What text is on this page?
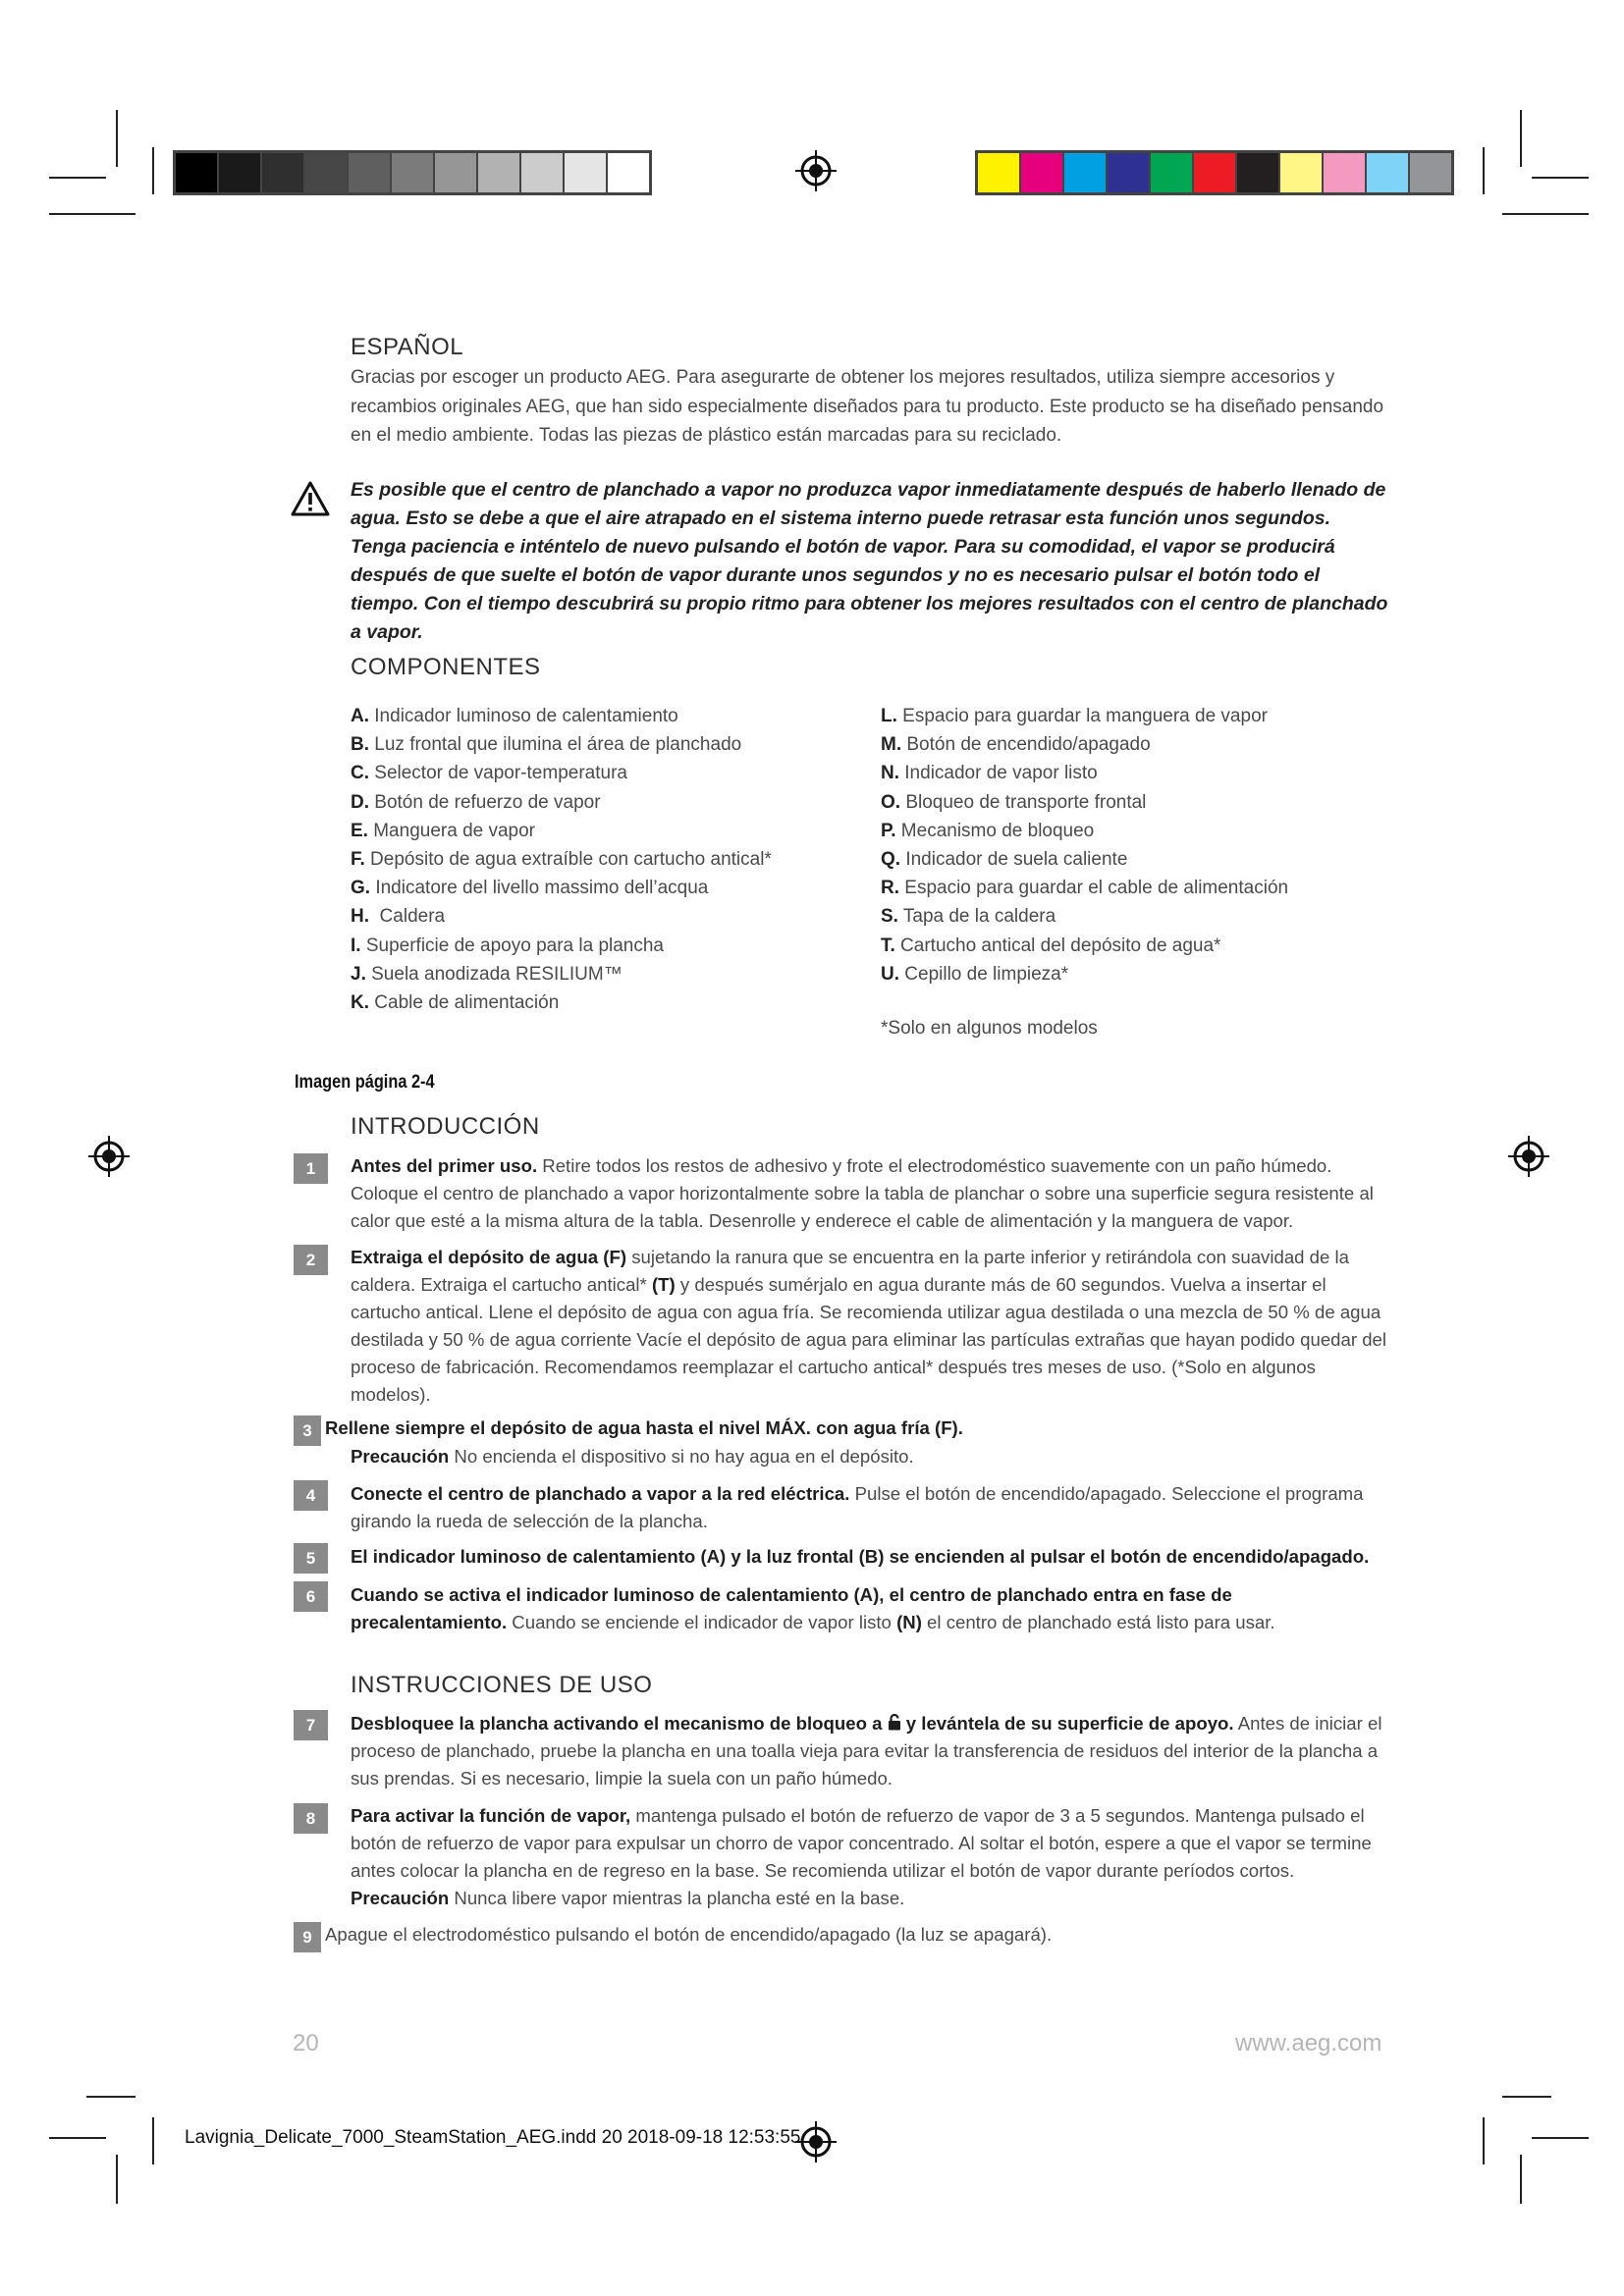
ESPAÑOL

Gracias por escoger un producto AEG. Para asegurarte de obtener los mejores resultados, utiliza siempre accesorios y recambios originales AEG, que han sido especialmente diseñados para tu producto. Este producto se ha diseñado pensando en el medio ambiente. Todas las piezas de plástico están marcadas para su reciclado.

Es posible que el centro de planchado a vapor no produzca vapor inmediatamente después de haberlo llenado de agua. Esto se debe a que el aire atrapado en el sistema interno puede retrasar esta función unos segundos. Tenga paciencia e inténtelo de nuevo pulsando el botón de vapor. Para su comodidad, el vapor se producirá después de que suelte el botón de vapor durante unos segundos y no es necesario pulsar el botón todo el tiempo. Con el tiempo descubrirá su propio ritmo para obtener los mejores resultados con el centro de planchado a vapor.

COMPONENTES
A. Indicador luminoso de calentamiento
B. Luz frontal que ilumina el área de planchado
C. Selector de vapor-temperatura
D. Botón de refuerzo de vapor
E. Manguera de vapor
F. Depósito de agua extraíble con cartucho antical*
G. Indicatore del livello massimo dell’acqua
H.  Caldera
I. Superficie de apoyo para la plancha
J. Suela anodizada RESILIUM™
K. Cable de alimentación
L. Espacio para guardar la manguera de vapor
M. Botón de encendido/apagado
N. Indicador de vapor listo
O. Bloqueo de transporte frontal
P. Mecanismo de bloqueo
Q. Indicador de suela caliente
R. Espacio para guardar el cable de alimentación
S. Tapa de la caldera
T. Cartucho antical del depósito de agua*
U. Cepillo de limpieza*
*Solo en algunos modelos
Imagen página 2-4
INTRODUCCIÓN
1	Antes del primer uso. Retire todos los restos de adhesivo y frote el electrodoméstico suavemente con un paño húmedo. Coloque el centro de planchado a vapor horizontalmente sobre la tabla de planchar o sobre una superficie segura resistente al calor que esté a la misma altura de la tabla. Desenrolle y enderece el cable de alimentación y la manguera de vapor.

2	Extraiga el depósito de agua (F) sujetando la ranura que se encuentra en la parte inferior y retirándola con suavidad de la caldera. Extraiga el cartucho antical* (T) y después sumérjalo en agua durante más de 60 segundos. Vuelva a insertar el cartucho antical. Llene el depósito de agua con agua fría. Se recomienda utilizar agua destilada o una mezcla de 50 % de agua destilada y 50 % de agua corriente Vacíe el depósito de agua para eliminar las partículas extrañas que hayan podido quedar del proceso de fabricación. Recomendamos reemplazar el cartucho antical* después tres meses de uso. (*Solo en algunos modelos).

3 Rellene siempre el depósito de agua hasta el nivel MÁX. con agua fría (F).

Precaución No encienda el dispositivo si no hay agua en el depósito.

4	Conecte el centro de planchado a vapor a la red eléctrica. Pulse el botón de encendido/apagado. Seleccione el programa girando la rueda de selección de la plancha.

5	El indicador luminoso de calentamiento (A) y la luz frontal (B) se encienden al pulsar el botón de encendido/apagado.

6	Cuando se activa el indicador luminoso de calentamiento (A), el centro de planchado entra en fase de precalentamiento. Cuando se enciende el indicador de vapor listo (N) el centro de planchado está listo para usar.

INSTRUCCIONES DE USO
7	Desbloquee la plancha activando el mecanismo de bloqueo a  y levántela de su superficie de apoyo. Antes de iniciar el proceso de planchado, pruebe la plancha en una toalla vieja para evitar la transferencia de residuos del interior de la plancha a sus prendas. Si es necesario, limpie la suela con un paño húmedo.

8	Para activar la función de vapor, mantenga pulsado el botón de refuerzo de vapor de 3 a 5 segundos. Mantenga pulsado el botón de refuerzo de vapor para expulsar un chorro de vapor concentrado. Al soltar el botón, espere a que el vapor se termine antes colocar la plancha en de regreso en la base. Se recomienda utilizar el botón de vapor durante períodos cortos.
Precaución Nunca libere vapor mientras la plancha esté en la base.

9 Apague el electrodoméstico pulsando el botón de encendido/apagado (la luz se apagará).

20	www.aeg.com
Lavignia_Delicate_7000_SteamStation_AEG.indd 20 2018-09-18 12:53:55
